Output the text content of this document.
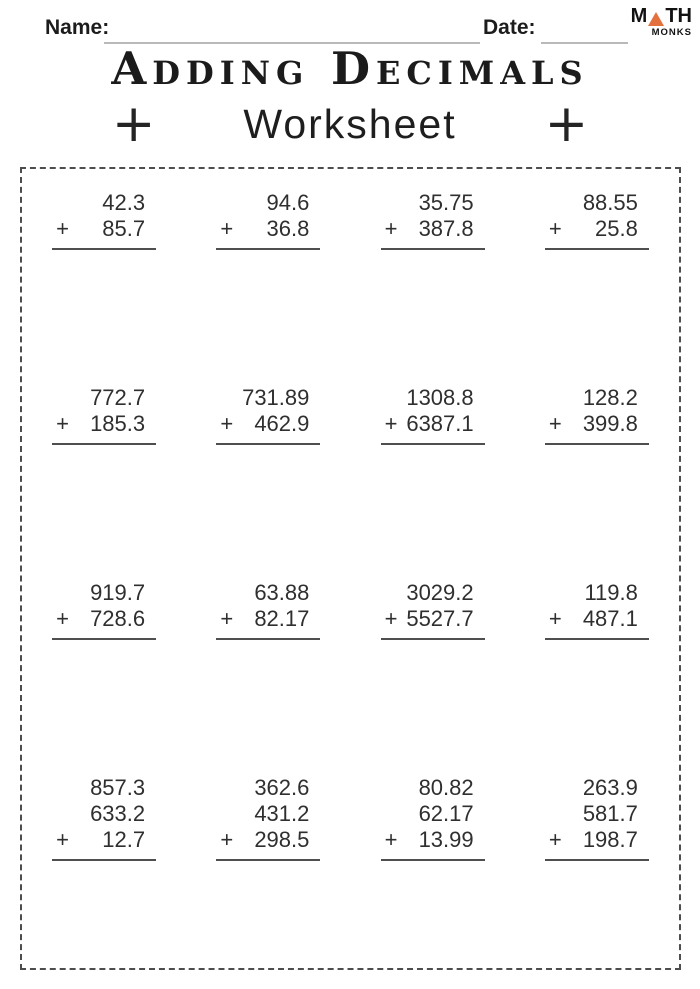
Name:	Date:	M TH
MONKS
Adding Decimals
+ Worksheet +
42.3
+ 85.7
94.6
+ 36.8
35.75
+ 387.8
88.55
+ 25.8
772.7
+ 185.3
731.89
+ 462.9
1308.8
+ 6387.1
128.2
+ 399.8
919.7
+ 728.6
63.88
+ 82.17
3029.2
+ 5527.7
119.8
+ 487.1
857.3
633.2
+ 12.7
362.6
431.2
+ 298.5
80.82
62.17
+ 13.99
263.9
581.7
+ 198.7
